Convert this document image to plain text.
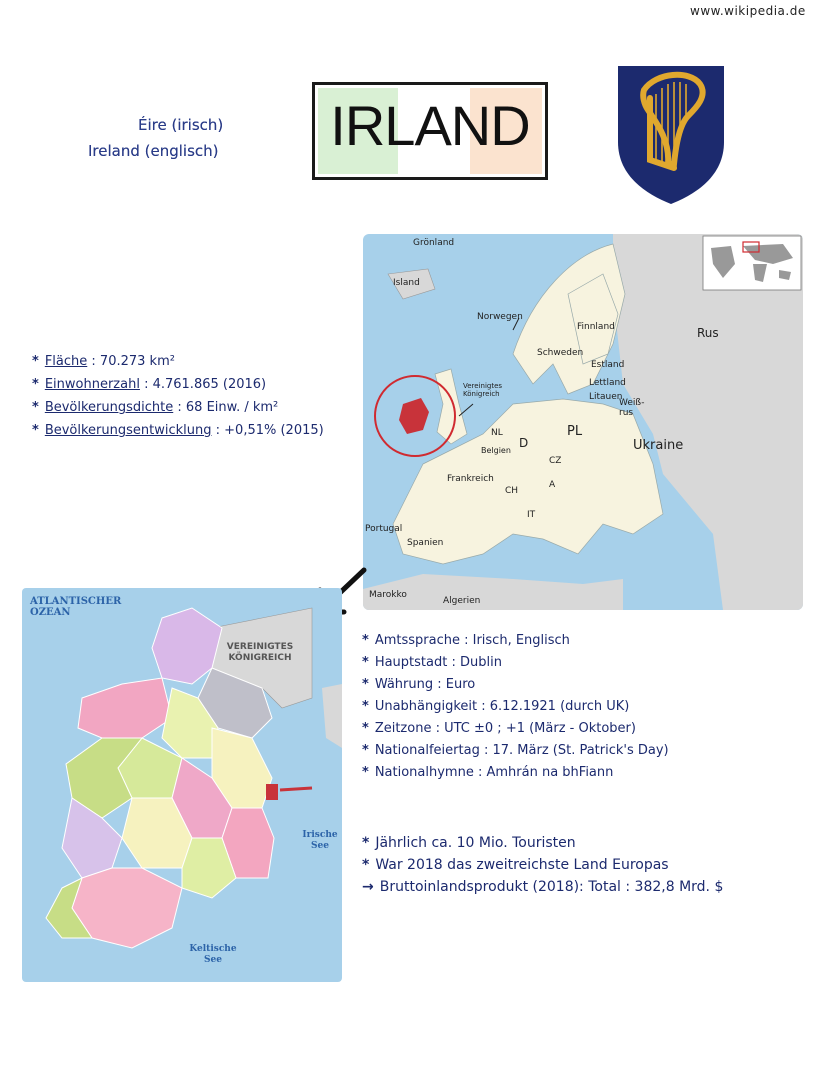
www.wikipedia.de
Éire (irisch)
Ireland (englisch) IRLAND
* Fläche : 70.273 km²
* Einwohnerzahl : 4.761.865 (2016)
* Bevölkerungsdichte : 68 Einw. / km²
* Bevölkerungsentwicklung : +0,51% (2015)
Grönland
Island
Norwegen
Finnland	Rus
Schweden
Estland
Lettland
Litauen
Weiß-rus
Vereinigtes Königreich
NL
Belgien
D
PL
CZ
Ukraine
Frankreich
CH
A
IT
Portugal
Spanien
Marokko
Algerien
ATLANTISCHER OZEAN
VEREINIGTES KÖNIGREICH
Irische See
Keltische See
* Amtssprache : Irisch, Englisch
* Hauptstadt : Dublin
* Währung : Euro
* Unabhängigkeit : 6.12.1921 (durch UK)
* Zeitzone : UTC ±0 ; +1 (März - Oktober)
* Nationalfeiertag : 17. März (St. Patrick's Day)
* Nationalhymne : Amhrán na bhFiann
* Jährlich ca. 10 Mio. Touristen
* War 2018 das zweitreichste Land Europas
→ Bruttoinlandsprodukt (2018): Total : 382,8 Mrd. $
